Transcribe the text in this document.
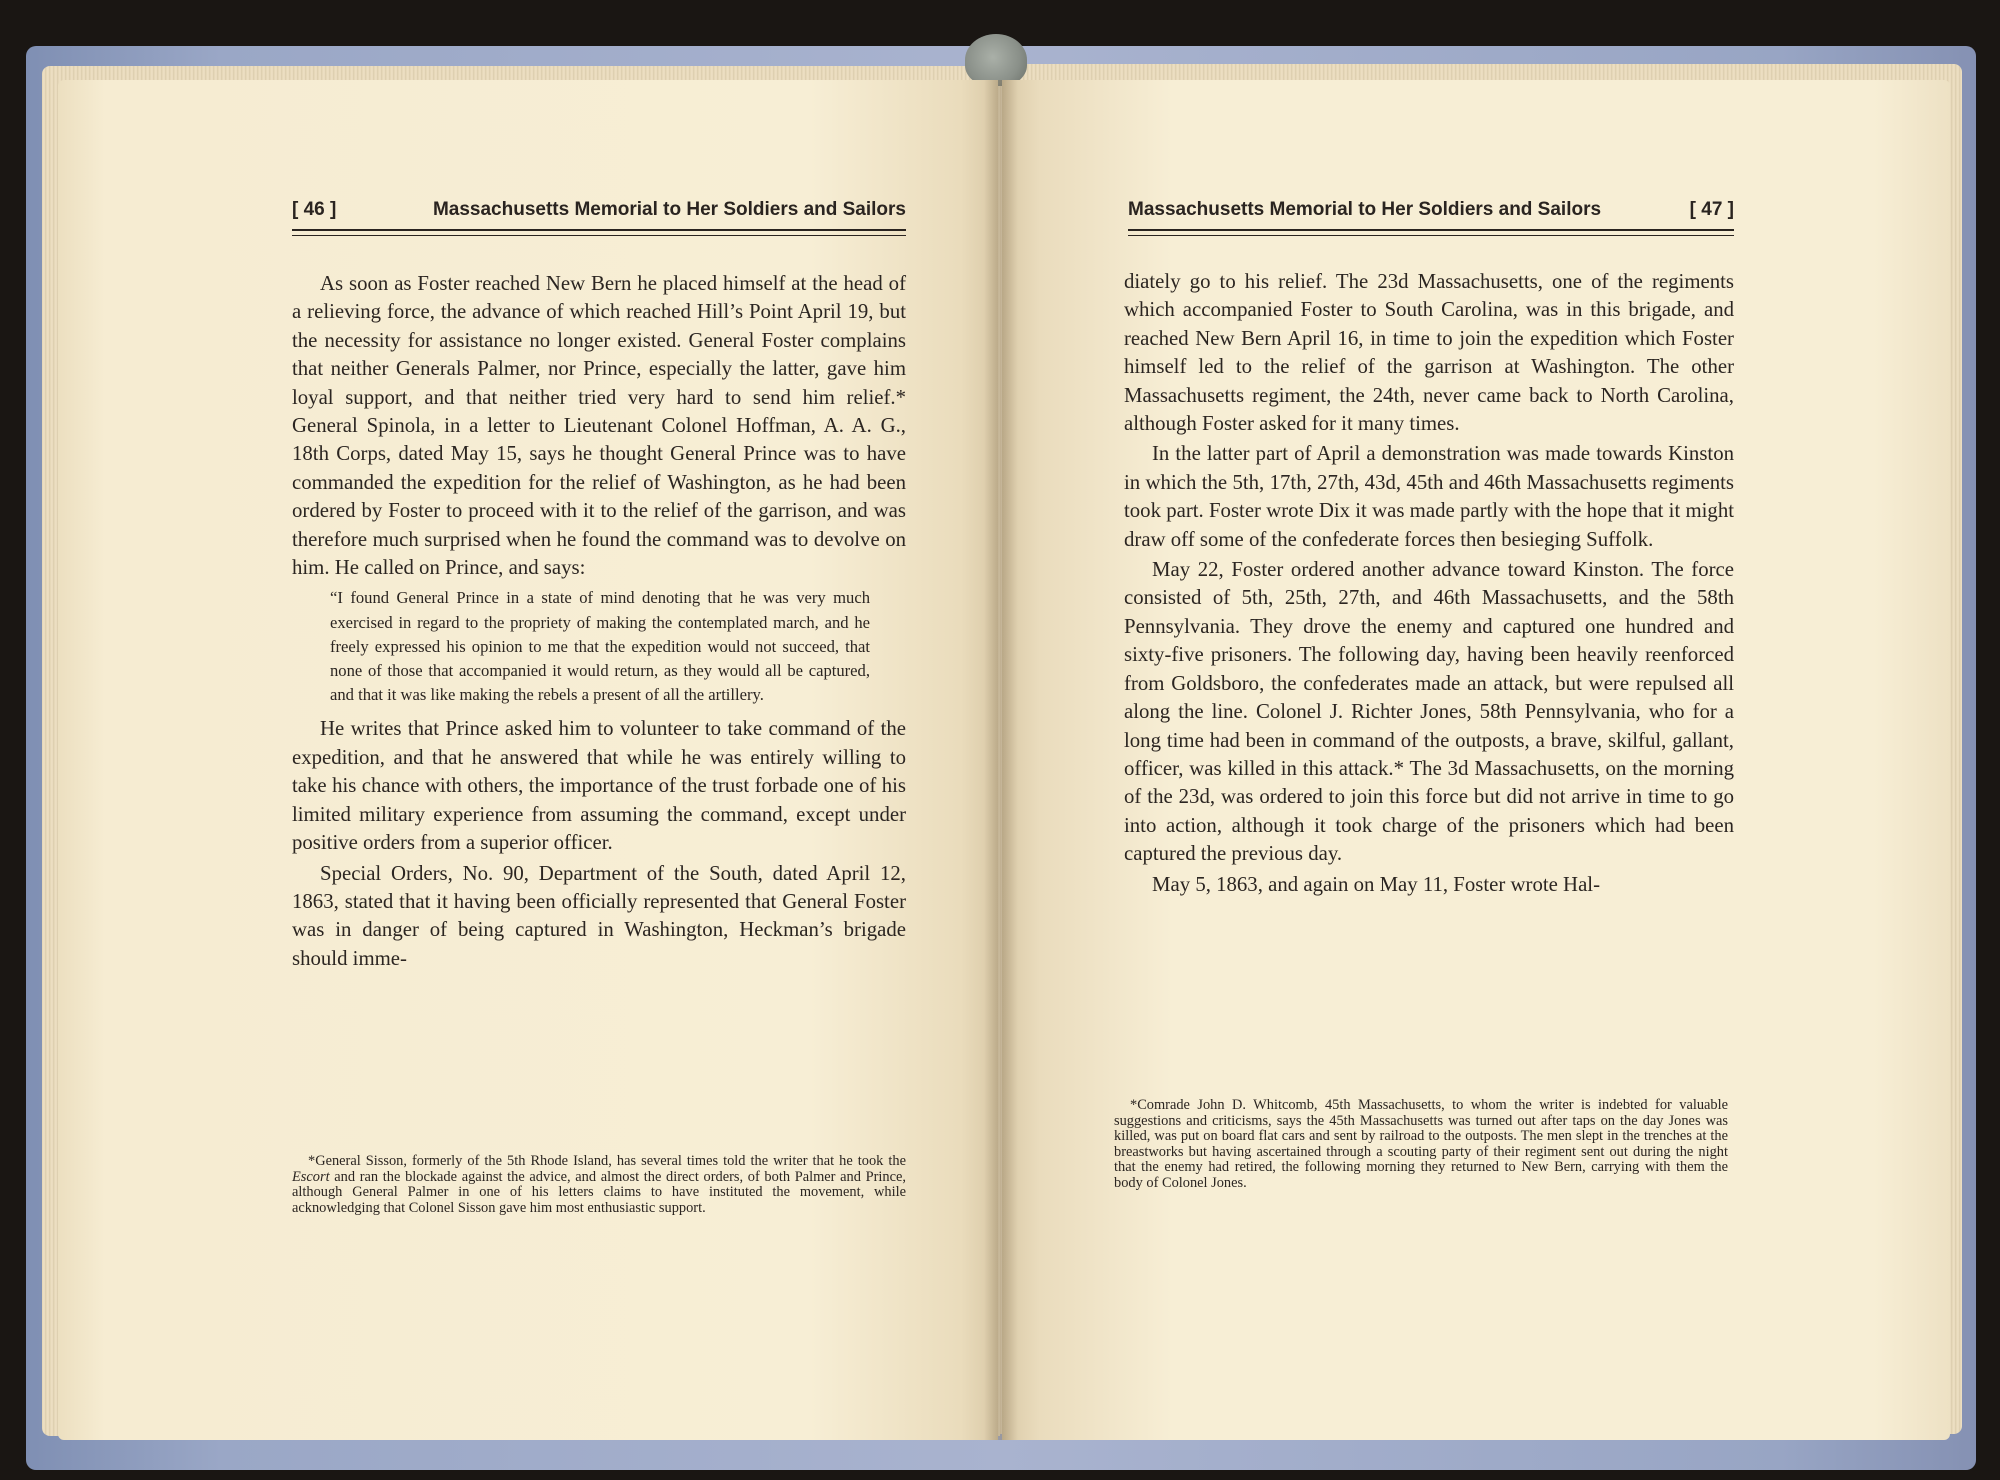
[ 46 ]	Massachusetts Memorial to Her Soldiers and Sailors	Massachusetts Memorial to Her Soldiers and Sailors	[ 47 ]

As soon as Foster reached New Bern he placed himself at the head of a relieving force, the advance of which reached Hill’s Point April 19, but the necessity for assistance no longer existed. General Foster complains that neither Generals Palmer, nor Prince, especially the latter, gave him loyal support, and that neither tried very hard to send him relief.* General Spinola, in a letter to Lieutenant Colonel Hoffman, A. A. G., 18th Corps, dated May 15, says he thought General Prince was to have commanded the expedition for the relief of Washington, as he had been ordered by Foster to proceed with it to the relief of the garrison, and was therefore much surprised when he found the command was to devolve on him. He called on Prince, and says:

“I found General Prince in a state of mind denoting that he was very much exercised in regard to the propriety of making the contemplated march, and he freely expressed his opinion to me that the expedition would not succeed, that none of those that accompanied it would return, as they would all be captured, and that it was like making the rebels a present of all the artillery.

He writes that Prince asked him to volunteer to take command of the expedition, and that he answered that while he was entirely willing to take his chance with others, the importance of the trust forbade one of his limited military experience from assuming the command, except under positive orders from a superior officer.

Special Orders, No. 90, Department of the South, dated April 12, 1863, stated that it having been officially represented that General Foster was in danger of being captured in Washington, Heckman’s brigade should imme-

*General Sisson, formerly of the 5th Rhode Island, has several times told the writer that he took the Escort and ran the blockade against the advice, and almost the direct orders, of both Palmer and Prince, although General Palmer in one of his letters claims to have instituted the movement, while acknowledging that Colonel Sisson gave him most enthusiastic support.

diately go to his relief. The 23d Massachusetts, one of the regiments which accompanied Foster to South Carolina, was in this brigade, and reached New Bern April 16, in time to join the expedition which Foster himself led to the relief of the garrison at Washington. The other Massachusetts regiment, the 24th, never came back to North Carolina, although Foster asked for it many times.

In the latter part of April a demonstration was made towards Kinston in which the 5th, 17th, 27th, 43d, 45th and 46th Massachusetts regiments took part. Foster wrote Dix it was made partly with the hope that it might draw off some of the confederate forces then besieging Suffolk.

May 22, Foster ordered another advance toward Kinston. The force consisted of 5th, 25th, 27th, and 46th Massachusetts, and the 58th Pennsylvania. They drove the enemy and captured one hundred and sixty-five prisoners. The following day, having been heavily reenforced from Goldsboro, the confederates made an attack, but were repulsed all along the line. Colonel J. Richter Jones, 58th Pennsylvania, who for a long time had been in command of the outposts, a brave, skilful, gallant, officer, was killed in this attack.* The 3d Massachusetts, on the morning of the 23d, was ordered to join this force but did not arrive in time to go into action, although it took charge of the prisoners which had been captured the previous day.

May 5, 1863, and again on May 11, Foster wrote Hal-

*Comrade John D. Whitcomb, 45th Massachusetts, to whom the writer is indebted for valuable suggestions and criticisms, says the 45th Massachusetts was turned out after taps on the day Jones was killed, was put on board flat cars and sent by railroad to the outposts. The men slept in the trenches at the breastworks but having ascertained through a scouting party of their regiment sent out during the night that the enemy had retired, the following morning they returned to New Bern, carrying with them the body of Colonel Jones.
